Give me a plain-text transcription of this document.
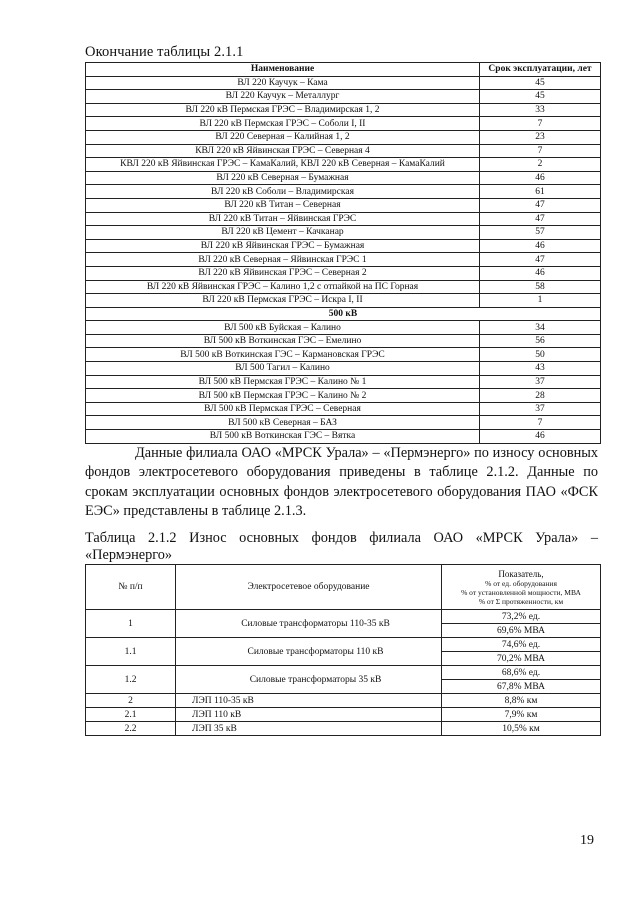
Окончание таблицы 2.1.1
Наименование	Срок эксплуатации, лет
ВЛ 220 Каучук – Кама	45
ВЛ 220 Каучук – Металлург	45
ВЛ 220 кВ Пермская ГРЭС – Владимирская 1, 2	33
ВЛ 220 кВ Пермская ГРЭС – Соболи I, II	7
ВЛ 220 Северная – Калийная 1, 2	23
КВЛ 220 кВ Яйвинская ГРЭС – Северная 4	7
КВЛ 220 кВ Яйвинская ГРЭС – КамаКалий, КВЛ 220 кВ Северная – КамаКалий	2
ВЛ 220 кВ Северная – Бумажная	46
ВЛ 220 кВ Соболи – Владимирская	61
ВЛ 220 кВ Титан – Северная	47
ВЛ 220 кВ Титан – Яйвинская ГРЭС	47
ВЛ 220 кВ Цемент – Качканар	57
ВЛ 220 кВ Яйвинская ГРЭС – Бумажная	46
ВЛ 220 кВ Северная – Яйвинская ГРЭС 1	47
ВЛ 220 кВ Яйвинская ГРЭС – Северная 2	46
ВЛ 220 кВ Яйвинская ГРЭС – Калино 1,2 с отпайкой на ПС Горная	58
ВЛ 220 кВ Пермская ГРЭС – Искра I, II	1
500 кВ	
ВЛ 500 кВ Буйская – Калино	34
ВЛ 500 кВ Воткинская ГЭС – Емелино	56
ВЛ 500 кВ Воткинская ГЭС – Кармановская ГРЭС	50
ВЛ 500 Тагил – Калино	43
ВЛ 500 кВ Пермская ГРЭС – Калино № 1	37
ВЛ 500 кВ Пермская ГРЭС – Калино № 2	28
ВЛ 500 кВ Пермская ГРЭС – Северная	37
ВЛ 500 кВ Северная – БАЗ	7
ВЛ 500 кВ Воткинская ГЭС – Вятка	46

Данные филиала ОАО «МРСК Урала» – «Пермэнерго» по износу основных фондов электросетевого оборудования приведены в таблице 2.1.2. Данные по срокам эксплуатации основных фондов электросетевого оборудования ПАО «ФСК ЕЭС» представлены в таблице 2.1.3.

Таблица 2.1.2 Износ основных фондов филиала ОАО «МРСК Урала» – «Пермэнерго»

№ п/п	Электросетевое оборудование	Показатель,
% от ед. оборудования
% от установленной мощности, МВА
% от Σ протяженности, км

1	Силовые трансформаторы 110-35 кВ	73,2% ед.
		69,6% МВА
1.1	Силовые трансформаторы 110 кВ	74,6% ед.
		70,2% МВА
1.2	Силовые трансформаторы 35 кВ	68,6% ед.
		67,8% МВА
2	ЛЭП 110-35 кВ	8,8% км
2.1	ЛЭП 110 кВ	7,9% км
2.2	ЛЭП 35 кВ	10,5% км
19
